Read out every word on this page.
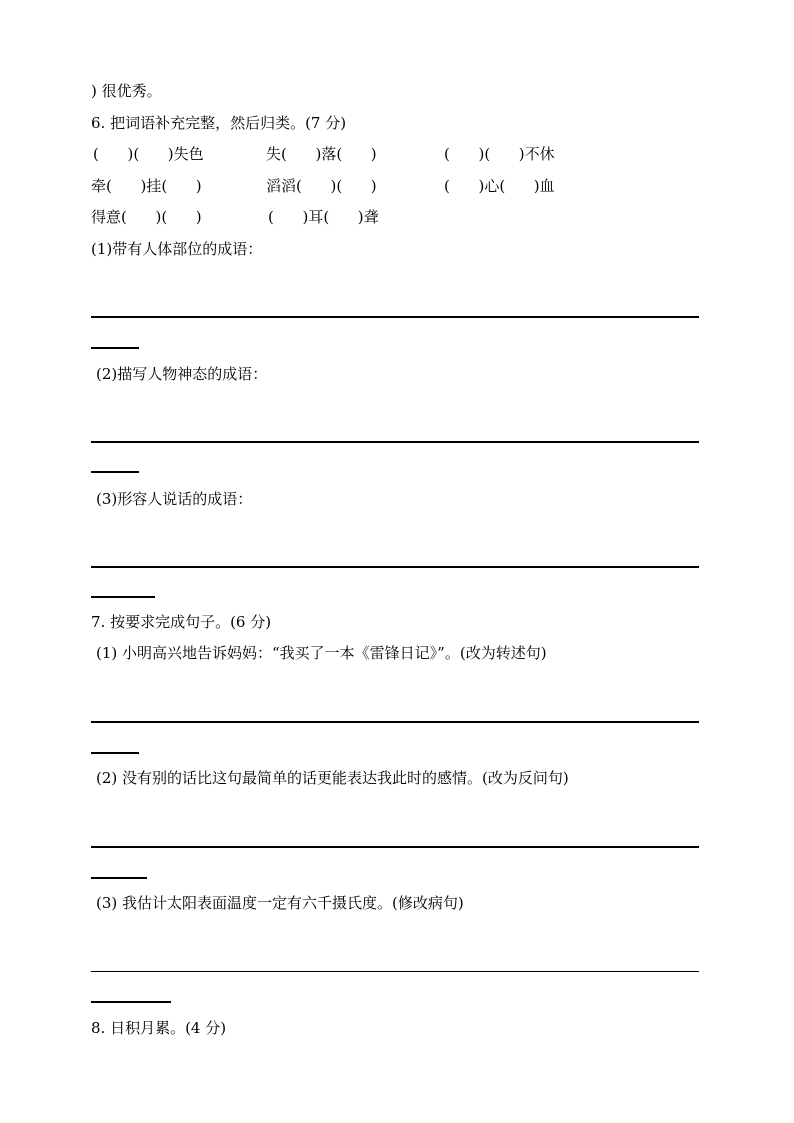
) 很优秀。
6. 把词语补充完整，然后归类。(7 分)
(      )(      )失色	失(      )落(      )	(      )(      )不休
牵(      )挂(      )	滔滔(      )(      )	(      )心(      )血
得意(      )(      )	(      )耳(      )聋
(1)带有人体部位的成语：
(2)描写人物神态的成语：
(3)形容人说话的成语：
7. 按要求完成句子。(6 分)
(1) 小明高兴地告诉妈妈：“我买了一本《雷锋日记》”。(改为转述句)
(2) 没有别的话比这句最简单的话更能表达我此时的感情。(改为反问句)
(3) 我估计太阳表面温度一定有六千摄氏度。(修改病句)
8. 日积月累。(4 分)
